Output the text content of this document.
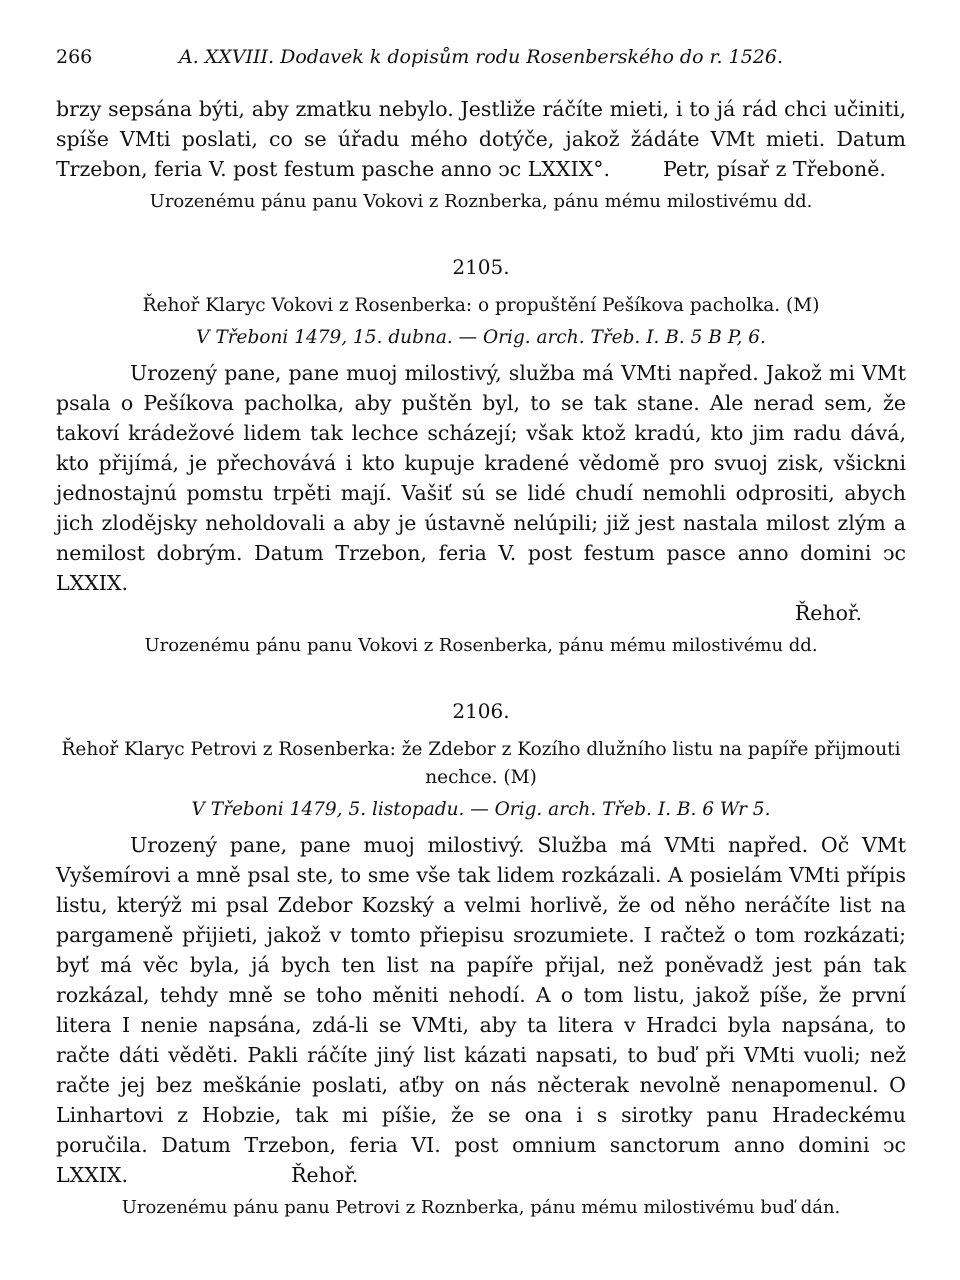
266	A. XXVIII. Dodavek k dopisům rodu Rosenberského do r. 1526.

brzy sepsána býti, aby zmatku nebylo. Jestliže ráčíte mieti, i to já rád chci učiniti, spíše VMti poslati, co se úřadu mého dotýče, jakož žádáte VMt mieti. Datum Trzebon, feria V. post festum pasche anno ↄc LXXIX°.	Petr, písař z Třeboně.

Urozenému pánu panu Vokovi z Roznberka, pánu mému milostivému dd.

2105.

Řehoř Klaryc Vokovi z Rosenberka: o propuštění Pešíkova pacholka. (M)

V Třeboni 1479, 15. dubna. — Orig. arch. Třeb. I. B. 5 B P, 6.

Urozený pane, pane muoj milostivý, služba má VMti napřed. Jakož mi VMt psala o Pešíkova pacholka, aby puštěn byl, to se tak stane. Ale nerad sem, že takoví krádežové lidem tak lechce scházejí; však ktož kradú, kto jim radu dává, kto přijímá, je přechovává i kto kupuje kradené vědomě pro svuoj zisk, všickni jednostajnú pomstu trpěti mají. Vašiť sú se lidé chudí nemohli odprositi, abych jich zlodějsky neholdovali a aby je ústavně nelúpili; již jest nastala milost zlým a nemilost dobrým. Datum Trzebon, feria V. post festum pasce anno domini ↄc LXXIX.

Řehoř.

Urozenému pánu panu Vokovi z Rosenberka, pánu mému milostivému dd.

2106.

Řehoř Klaryc Petrovi z Rosenberka: že Zdebor z Kozího dlužního listu na papíře přijmouti nechce. (M)

V Třeboni 1479, 5. listopadu. — Orig. arch. Třeb. I. B. 6 Wr 5.

Urozený pane, pane muoj milostivý. Služba má VMti napřed. Oč VMt Vyšemírovi a mně psal ste, to sme vše tak lidem rozkázali. A posielám VMti přípis listu, kterýž mi psal Zdebor Kozský a velmi horlivě, že od něho neráčíte list na pargameně přijieti, jakož v tomto přiepisu srozumiete. I račtež o tom rozkázati; byť má věc byla, já bych ten list na papíře přijal, než poněvadž jest pán tak rozkázal, tehdy mně se toho měniti nehodí. A o tom listu, jakož píše, že první litera I nenie napsána, zdá-li se VMti, aby ta litera v Hradci byla napsána, to račte dáti věděti. Pakli ráčíte jiný list kázati napsati, to buď při VMti vuoli; než račte jej bez meškánie poslati, aťby on nás něcterak nevolně nenapomenul. O Linhartovi z Hobzie, tak mi píšie, že se ona i s sirotky panu Hradeckému poručila. Datum Trzebon, feria VI. post omnium sanctorum anno domini ↄc LXXIX.	Řehoř.

Urozenému pánu panu Petrovi z Roznberka, pánu mému milostivému buď dán.
